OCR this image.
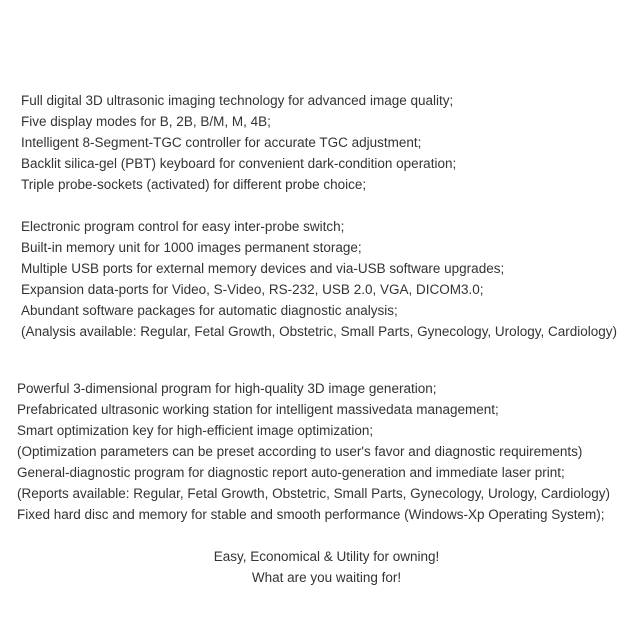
Full digital 3D ultrasonic imaging technology for advanced image quality;
Five display modes for B, 2B, B/M, M, 4B;
Intelligent 8-Segment-TGC controller for accurate TGC adjustment;
Backlit silica-gel (PBT) keyboard for convenient dark-condition operation;
Triple probe-sockets (activated) for different probe choice;
Electronic program control for easy inter-probe switch;
Built-in memory unit for 1000 images permanent storage;
Multiple USB ports for external memory devices and via-USB software upgrades;
Expansion data-ports for Video, S-Video, RS-232, USB 2.0, VGA, DICOM3.0;
Abundant software packages for automatic diagnostic analysis;
(Analysis available: Regular, Fetal Growth, Obstetric, Small Parts, Gynecology, Urology, Cardiology)
Powerful 3-dimensional program for high-quality 3D image generation;
Prefabricated ultrasonic working station for intelligent massivedata management;
Smart optimization key for high-efficient image optimization;
(Optimization parameters can be preset according to user's favor and diagnostic requirements)
General-diagnostic program for diagnostic report auto-generation and immediate laser print;
(Reports available: Regular, Fetal Growth, Obstetric, Small Parts, Gynecology, Urology, Cardiology)
Fixed hard disc and memory for stable and smooth performance (Windows-Xp Operating System);
Easy, Economical & Utility for owning!
What are you waiting for!
